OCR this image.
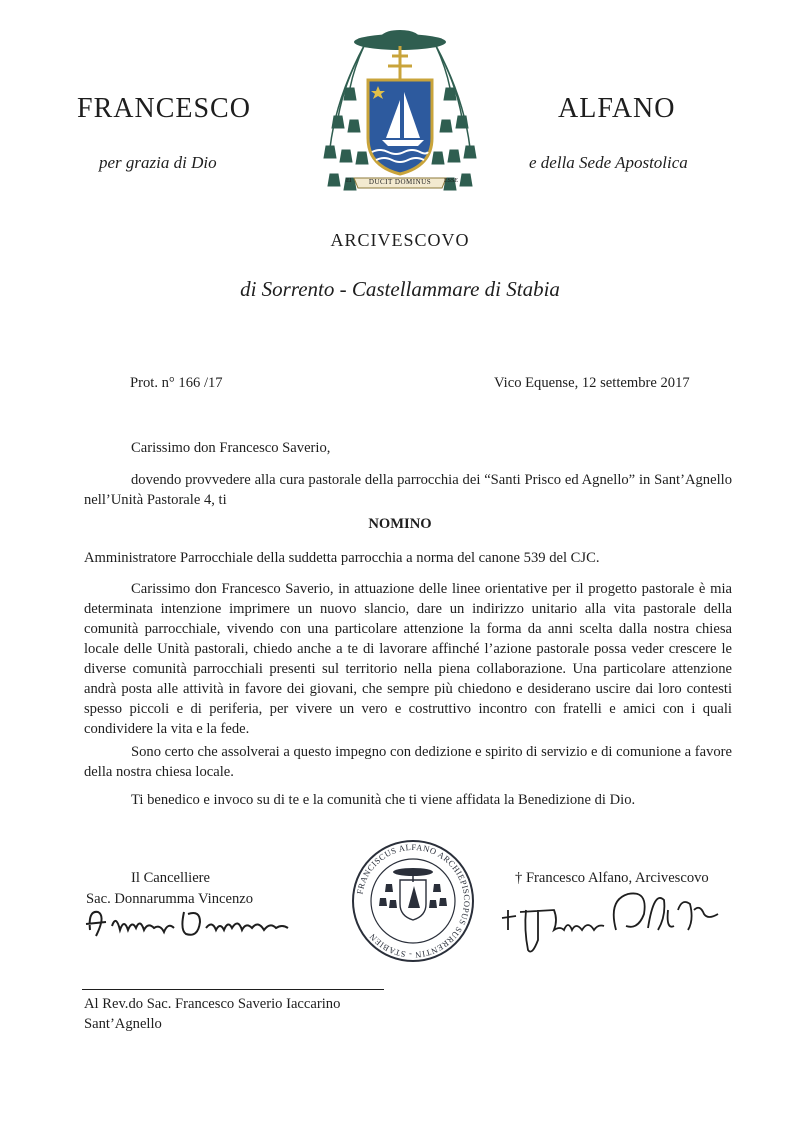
FRANCESCO	ALFANO
per grazia di Dio	e della Sede Apostolica
DUCIT DOMINUS
EI	ESSE
ARCIVESCOVO
di Sorrento - Castellammare di Stabia
Prot. n° 166 /17	Vico Equense, 12 settembre 2017
Carissimo don Francesco Saverio,
dovendo provvedere alla cura pastorale della parrocchia dei “Santi Prisco ed Agnello” in Sant’Agnello nell’Unità Pastorale 4, ti
NOMINO
Amministratore Parrocchiale della suddetta parrocchia a norma del canone 539 del CJC.
Carissimo don Francesco Saverio, in attuazione delle linee orientative per il progetto pastorale è mia determinata intenzione imprimere un nuovo slancio, dare un indirizzo unitario alla vita pastorale della comunità parrocchiale, vivendo con una particolare attenzione la forma da anni scelta dalla nostra chiesa locale delle Unità pastorali, chiedo anche a te di lavorare affinché l’azione pastorale possa veder crescere le diverse comunità parrocchiali presenti sul territorio nella piena collaborazione. Una particolare attenzione andrà posta alle attività in favore dei giovani, che sempre più chiedono e desiderano uscire dai loro contesti spesso piccoli e di periferia, per vivere un vero e costruttivo incontro con fratelli e amici con i quali condividere la vita e la fede.
Sono certo che assolverai a questo impegno con dedizione e spirito di servizio e di comunione a favore della nostra chiesa locale.
Ti benedico e invoco su di te e la comunità che ti viene affidata la Benedizione di Dio.
Il Cancelliere
Sac. Donnarumma Vincenzo	FRANCISCUS ALFANO ARCHIEPISCOPUS SURRENTIN - STABIEN
† Francesco Alfano, Arcivescovo
Al Rev.do Sac. Francesco Saverio Iaccarino
Sant’Agnello
